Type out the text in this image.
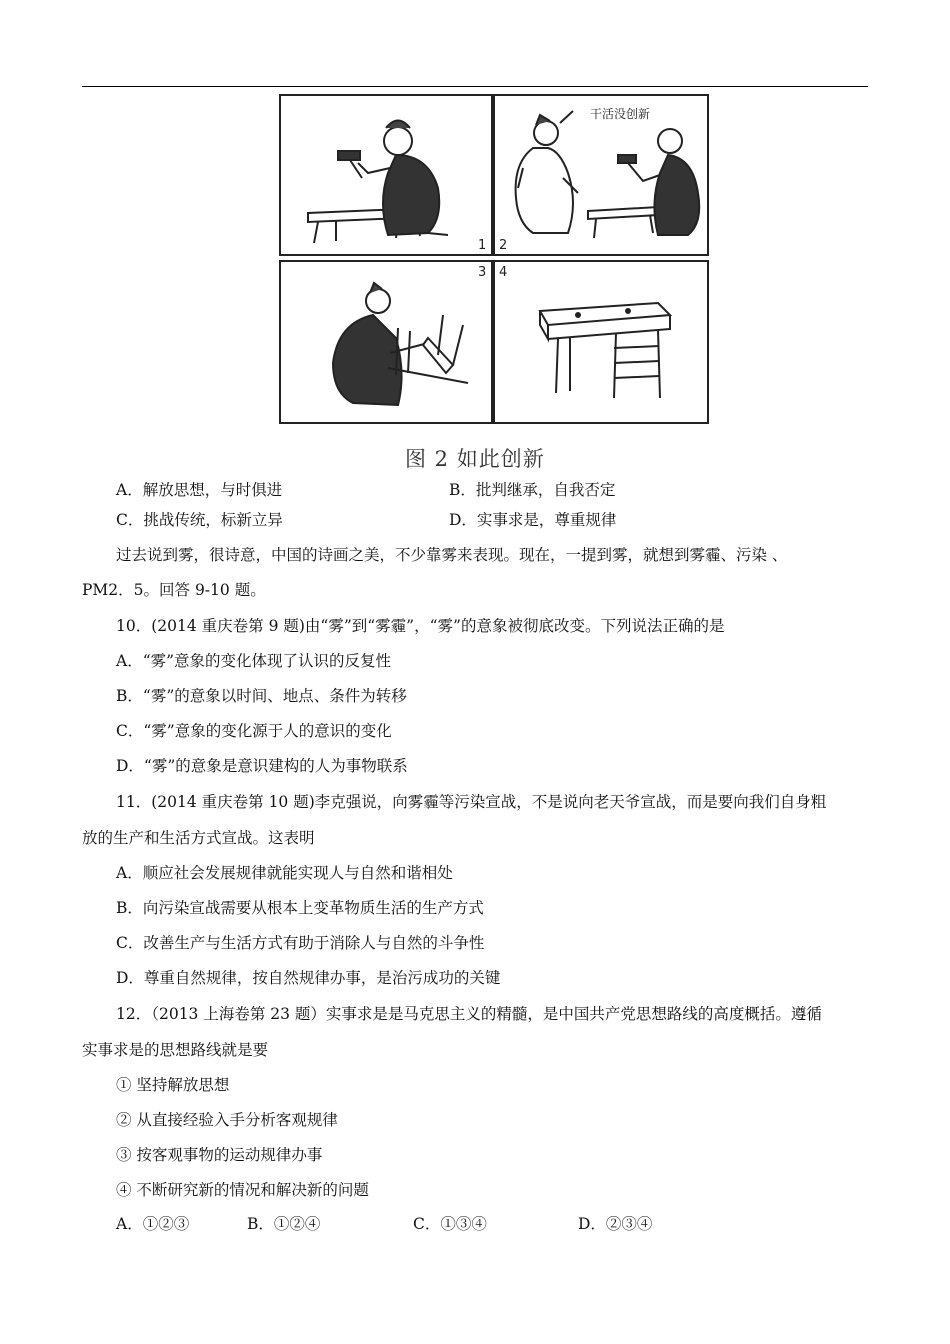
1 2
3 4
干活没创新
图 2 如此创新
A．解放思想，与时俱进	B．批判继承，自我否定
C．挑战传统，标新立异	D．实事求是，尊重规律
过去说到雾，很诗意，中国的诗画之美，不少靠雾来表现。现在，一提到雾，就想到雾霾、污染 、
PM2．5。回答 9-10 题。
10．(2014 重庆卷第 9 题)由“雾”到“雾霾”，“雾”的意象被彻底改变。下列说法正确的是
A．“雾”意象的变化体现了认识的反复性
B．“雾”的意象以时间、地点、条件为转移
C．“雾”意象的变化源于人的意识的变化
D．“雾”的意象是意识建构的人为事物联系
11．(2014 重庆卷第 10 题)李克强说，向雾霾等污染宣战，不是说向老天爷宣战，而是要向我们自身粗
放的生产和生活方式宣战。这表明
A．顺应社会发展规律就能实现人与自然和谐相处
B．向污染宣战需要从根本上变革物质生活的生产方式
C．改善生产与生活方式有助于消除人与自然的斗争性
D．尊重自然规律，按自然规律办事，是治污成功的关键
12．（2013 上海卷第 23 题）实事求是是马克思主义的精髓，是中国共产党思想路线的高度概括。遵循
实事求是的思想路线就是要
① 坚持解放思想
② 从直接经验入手分析客观规律
③ 按客观事物的运动规律办事
④ 不断研究新的情况和解决新的问题
A．①②③	B．①②④	C．①③④	D．②③④
